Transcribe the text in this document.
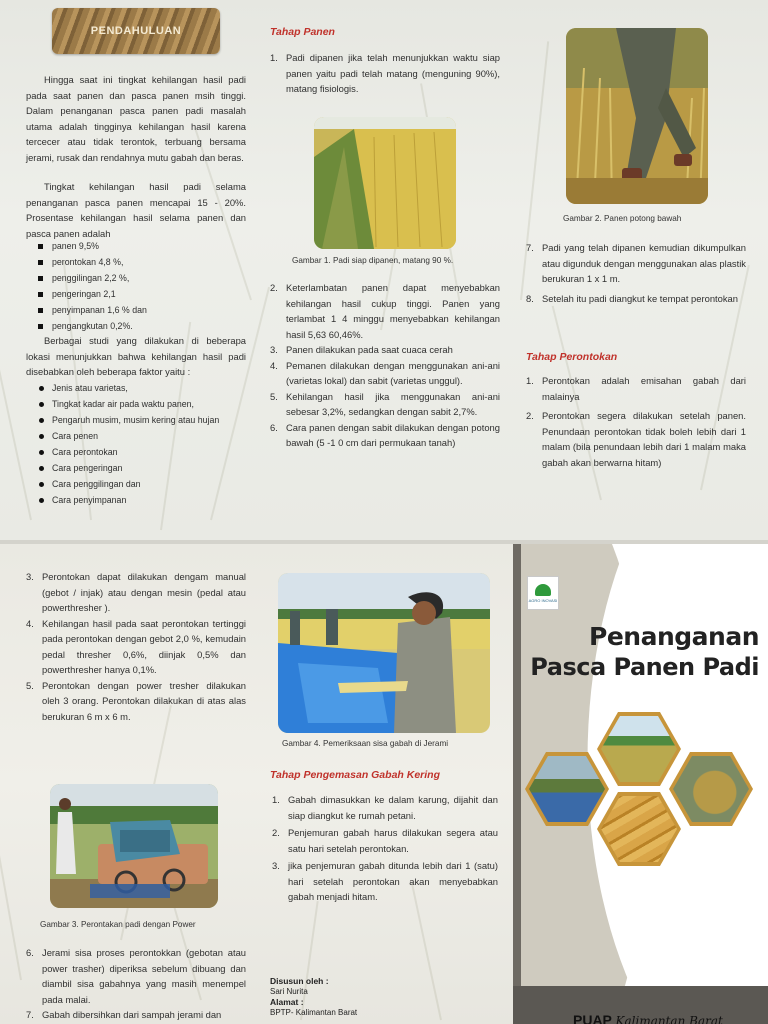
PENDAHULUAN
Hingga saat ini tingkat kehilangan hasil padi pada saat panen dan pasca panen msih tinggi. Dalam penanganan pasca panen padi masalah utama adalah tingginya kehilangan hasil karena tercecer atau tidak terontok, terbuang bersama jerami, rusak dan rendahnya mutu gabah dan beras.
Tingkat kehilangan hasil padi selama penanganan pasca panen mencapai 15 - 20%. Prosentase kehilangan hasil selama panen dan pasca panen adalah
panen 9,5%
perontokan 4,8 %,
penggilingan 2,2 %,
pengeringan 2,1
penyimpanan 1,6 % dan
pengangkutan 0,2%.
Berbagai studi yang dilakukan di beberapa lokasi menunjukkan bahwa kehilangan hasil padi disebabkan oleh beberapa faktor yaitu :
Jenis atau varietas,
Tingkat kadar air pada waktu panen,
Pengaruh musim, musim kering atau hujan
Cara penen
Cara perontokan
Cara pengeringan
Cara penggilingan dan
Cara penyimpanan
Tahap Panen
1. Padi dipanen jika telah menunjukkan waktu siap panen yaitu padi telah matang (menguning 90%), matang fisiologis.
Gambar 1. Padi siap dipanen, matang 90 %.
2. Keterlambatan panen dapat menyebabkan kehilangan hasil cukup tinggi. Panen yang terlambat 1 4 minggu menyebabkan kehilangan hasil 5,63 60,46%.
3. Panen dilakukan pada saat cuaca cerah
4. Pemanen dilakukan dengan menggunakan ani-ani (varietas lokal) dan sabit (varietas unggul).
5. Kehilangan hasil jika menggunakan ani-ani sebesar 3,2%, sedangkan dengan sabit 2,7%.
6. Cara panen dengan sabit dilakukan dengan potong bawah (5 -1 0 cm dari permukaan tanah)
Gambar 2. Panen potong bawah
7. Padi yang telah dipanen kemudian dikumpulkan atau digunduk dengan menggunakan alas plastik berukuran 1 x 1 m.
8. Setelah itu padi diangkut ke tempat perontokan
Tahap Perontokan
1. Perontokan adalah emisahan gabah dari malainya
2. Perontokan segera dilakukan setelah panen. Penundaan perontokan tidak boleh lebih dari 1 malam (bila penundaan lebih dari 1 malam maka gabah akan berwarna hitam)
3. Perontokan dapat dilakukan dengam manual (gebot / injak) atau dengan mesin (pedal atau powerthresher ).
4. Kehilangan hasil pada saat perontokan tertinggi pada perontokan dengan gebot 2,0 %, kemudain pedal thresher 0,6%, diinjak 0,5% dan powerthresher hanya 0,1%.
5. Perontokan dengan power tresher dilakukan oleh 3 orang. Perontokan dilakukan di atas alas berukuran 6 m x 6 m.
Gambar 3. Perontakan padi dengan Power
6. Jerami sisa proses perontokkan (gebotan atau power trasher) diperiksa sebelum dibuang dan diambil sisa gabahnya yang masih menempel pada malai.
7. Gabah dibersihkan dari sampah jerami dan
Gambar 4. Pemeriksaan sisa gabah di Jerami
Tahap Pengemasan Gabah Kering
1. Gabah dimasukkan ke dalam karung, dijahit dan siap diangkut ke rumah petani.
2. Penjemuran gabah harus dilakukan segera atau satu hari setelah perontokan.
3. jika penjemuran gabah ditunda lebih dari 1 (satu) hari setelah perontokan akan menyebabkan gabah menjadi hitam.
Disusun oleh :
Sari Nurita
Alamat :
BPTP- Kalimantan Barat
AGRO INOVASI
Penanganan
Pasca Panen Padi
PUAP Kalimantan Barat
